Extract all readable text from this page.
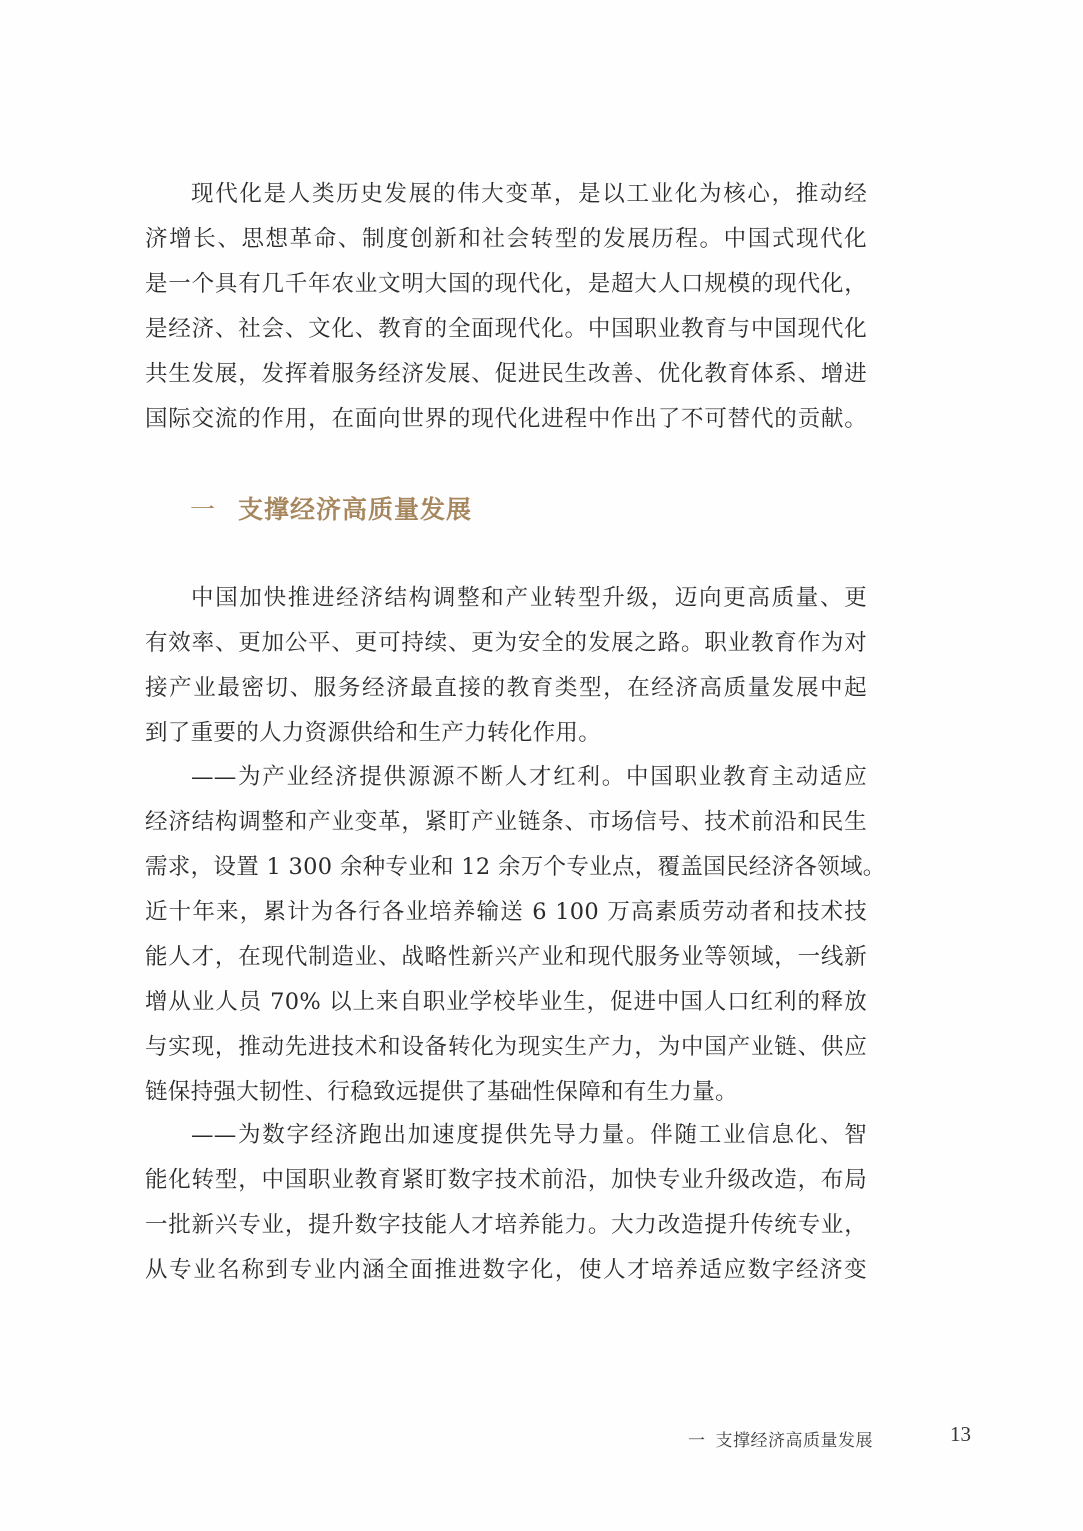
现代化是人类历史发展的伟大变革，是以工业化为核心，推动经
济增长、思想革命、制度创新和社会转型的发展历程。中国式现代化
是一个具有几千年农业文明大国的现代化，是超大人口规模的现代化，
是经济、社会、文化、教育的全面现代化。中国职业教育与中国现代化
共生发展，发挥着服务经济发展、促进民生改善、优化教育体系、增进
国际交流的作用，在面向世界的现代化进程中作出了不可替代的贡献。
一 支撑经济高质量发展
中国加快推进经济结构调整和产业转型升级，迈向更高质量、更
有效率、更加公平、更可持续、更为安全的发展之路。职业教育作为对
接产业最密切、服务经济最直接的教育类型，在经济高质量发展中起
到了重要的人力资源供给和生产力转化作用。
——为产业经济提供源源不断人才红利。中国职业教育主动适应
经济结构调整和产业变革，紧盯产业链条、市场信号、技术前沿和民生
需求，设置 1 300 余种专业和 12 余万个专业点，覆盖国民经济各领域。
近十年来，累计为各行各业培养输送 6 100 万高素质劳动者和技术技
能人才，在现代制造业、战略性新兴产业和现代服务业等领域，一线新
增从业人员 70% 以上来自职业学校毕业生，促进中国人口红利的释放
与实现，推动先进技术和设备转化为现实生产力，为中国产业链、供应
链保持强大韧性、行稳致远提供了基础性保障和有生力量。
——为数字经济跑出加速度提供先导力量。伴随工业信息化、智
能化转型，中国职业教育紧盯数字技术前沿，加快专业升级改造，布局
一批新兴专业，提升数字技能人才培养能力。大力改造提升传统专业，
从专业名称到专业内涵全面推进数字化，使人才培养适应数字经济变
一 支撑经济高质量发展	13
